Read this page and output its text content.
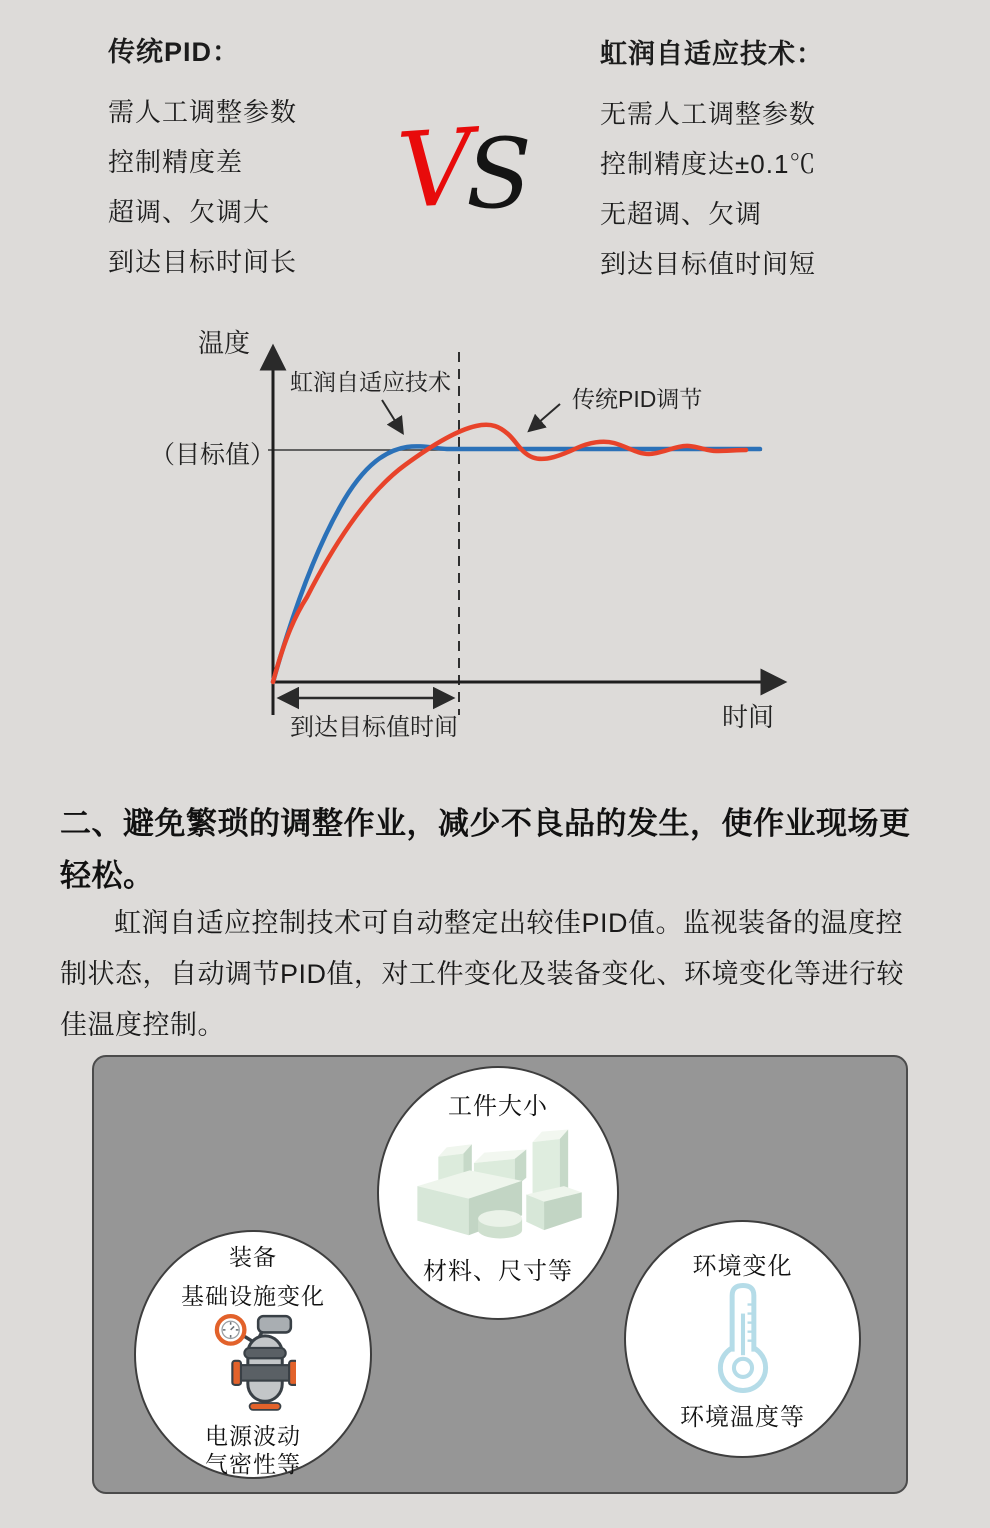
传统PID：
需人工调整参数
控制精度差
超调、欠调大
到达目标时间长
V
S
虹润自适应技术：
无需人工调整参数
控制精度达±0.1℃
无超调、欠调
到达目标值时间短
温度
（目标值）
虹润自适应技术
传统PID调节
时间
到达目标值时间
二、避免繁琐的调整作业，减少不良品的发生，使作业现场更轻松。
虹润自适应控制技术可自动整定出较佳PID值。监视装备的温度控制状态，自动调节PID值，对工件变化及装备变化、环境变化等进行较佳温度控制。
工件大小
材料、尺寸等
装备
基础设施变化
电源波动
气密性等
环境变化
环境温度等
